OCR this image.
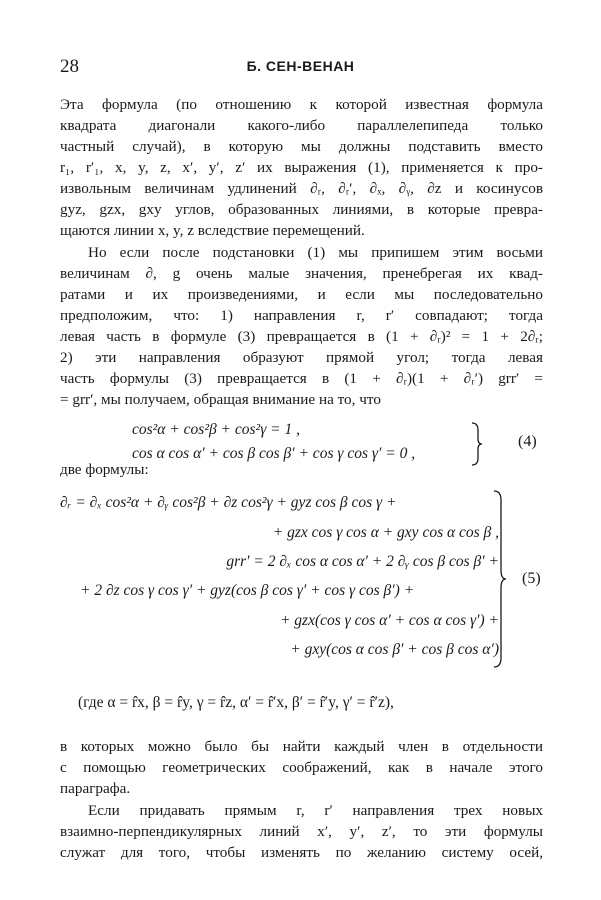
28	Б. СЕН-ВЕНАН
Эта формула (по отношению к которой известная формула
квадрата диагонали какого-либо параллелепипеда только
частный случай), в которую мы должны подставить вместо
r₁, r′₁, x, y, z, x′, y′, z′ их выражения (1), применяется к про-
извольным величинам удлинений ∂ᵣ, ∂ᵣ′, ∂ₓ, ∂ᵧ, ∂z и косинусов
gyz, gzx, gxy углов, образованных линиями, в которые превра-
щаются линии x, y, z вследствие перемещений.
Но если после подстановки (1) мы припишем этим восьми
величинам ∂, g очень малые значения, пренебрегая их квад-
ратами и их произведениями, и если мы последовательно
предположим, что: 1) направления r, r′ совпадают; тогда
левая часть в формуле (3) превращается в (1 + ∂ᵣ)² = 1 + 2∂ᵣ;
2) эти направления образуют прямой угол; тогда левая
часть формулы (3) превращается в (1 + ∂ᵣ)(1 + ∂ᵣ′) grr′ =
= grr′, мы получаем, обращая внимание на то, что
cos²α + cos²β + cos²γ = 1 ,
cos α cos α′ + cos β cos β′ + cos γ cos γ′ = 0 ,
(4)
две формулы:
∂ᵣ = ∂ₓ cos²α + ∂ᵧ cos²β + ∂z cos²γ + gyz cos β cos γ +
+ gzx cos γ cos α + gxy cos α cos β ,
grr′ = 2 ∂ₓ cos α cos α′ + 2 ∂ᵧ cos β cos β′ +
+ 2 ∂z cos γ cos γ′ + gyz(cos β cos γ′ + cos γ cos β′) +
+ gzx(cos γ cos α′ + cos α cos γ′) +
+ gxy(cos α cos β′ + cos β cos α′)
(5)
(где α = r̂x, β = r̂y, γ = r̂z, α′ = r̂′x, β′ = r̂′y, γ′ = r̂′z),
в которых можно было бы найти каждый член в отдельности
с помощью геометрических соображений, как в начале этого
параграфа.
Если придавать прямым r, r′ направления трех новых
взаимно-перпендикулярных линий x′, y′, z′, то эти формулы
служат для того, чтобы изменять по желанию систему осей,
